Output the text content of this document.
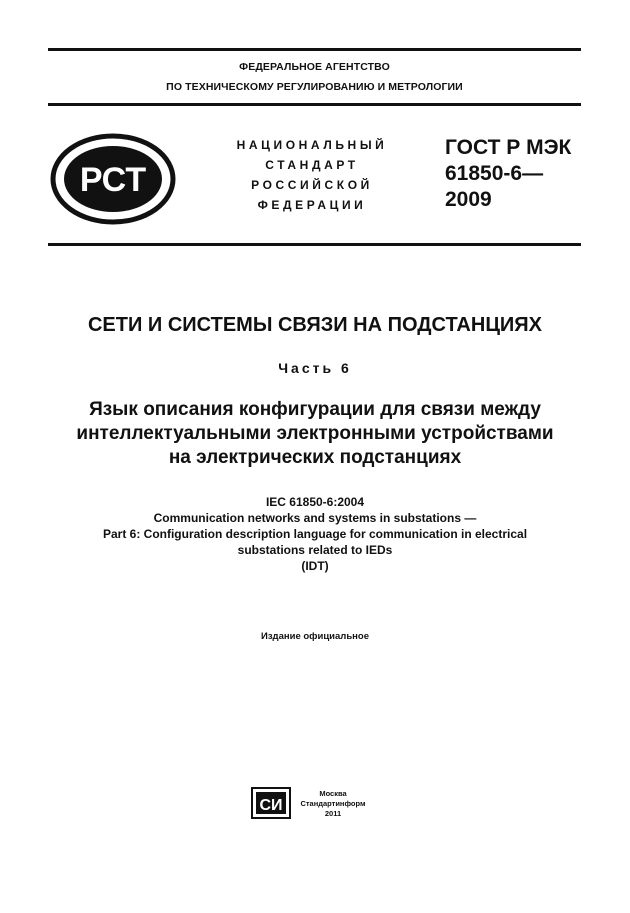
ФЕДЕРАЛЬНОЕ АГЕНТСТВО
ПО ТЕХНИЧЕСКОМУ РЕГУЛИРОВАНИЮ И МЕТРОЛОГИИ
РСТ
НАЦИОНАЛЬНЫЙ
СТАНДАРТ
РОССИЙСКОЙ
ФЕДЕРАЦИИ
ГОСТ Р МЭК
61850-6—
2009
СЕТИ И СИСТЕМЫ СВЯЗИ НА ПОДСТАНЦИЯХ
Часть 6
Язык описания конфигурации для связи между
интеллектуальными электронными устройствами
на электрических подстанциях
IEC 61850-6:2004
Communication networks and systems in substations —
Part 6: Configuration description language for communication in electrical
substations related to IEDs
(IDT)
Издание официальное
СИ
Москва
Стандартинформ
2011
